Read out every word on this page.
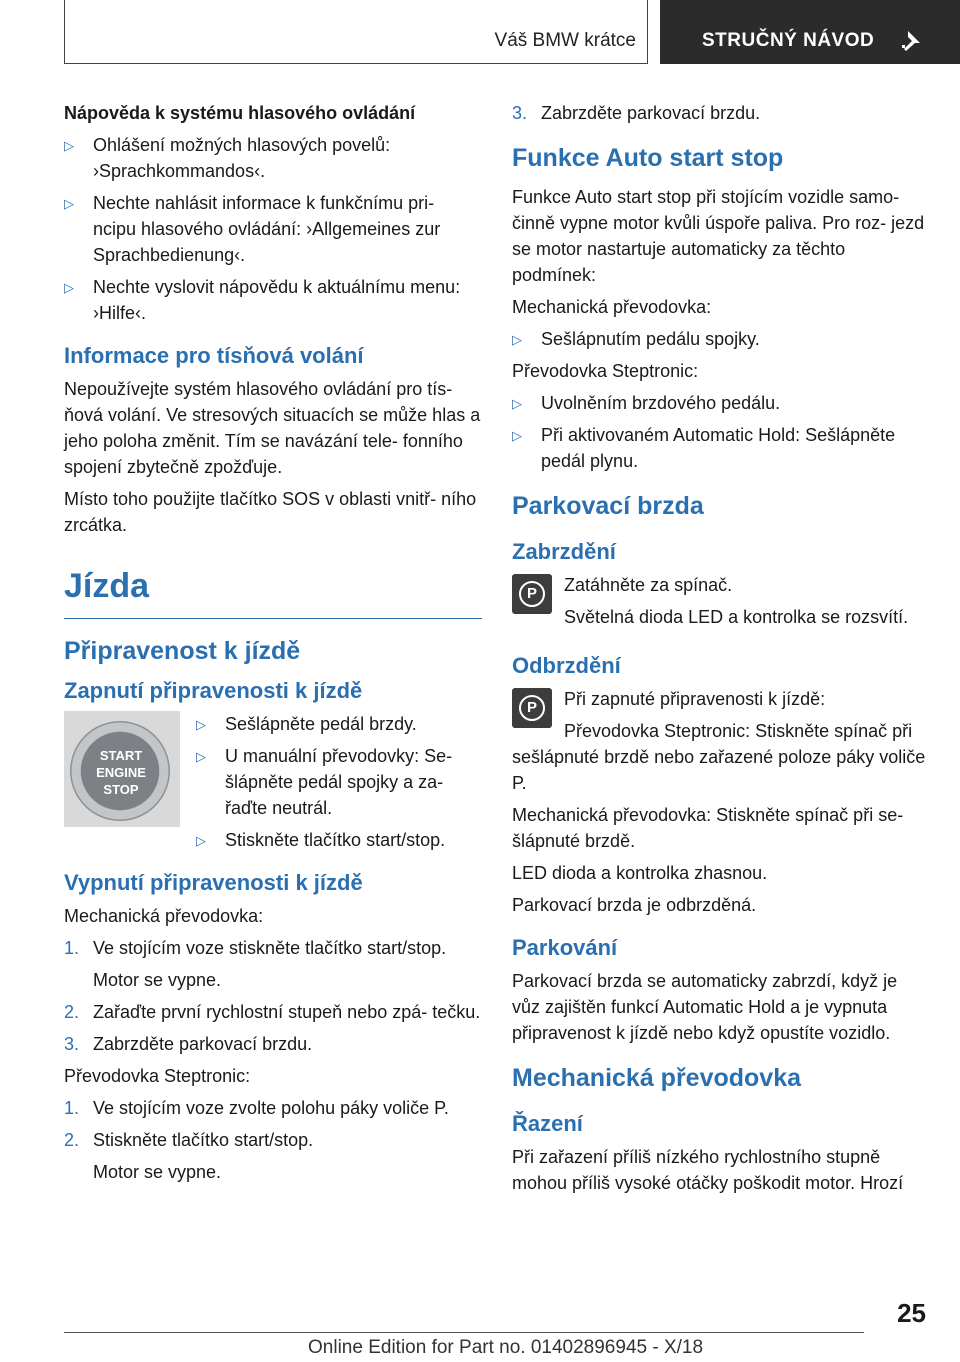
Váš BMW krátce	STRUČNÝ NÁVOD

Nápověda k systému hlasového ovládání

▷ Ohlášení možných hlasových povelů: ›Sprachkommandos‹.
▷ Nechte nahlásit informace k funkčnímu pri- ncipu hlasového ovládání: ›Allgemeines zur Sprachbedienung‹.
▷ Nechte vyslovit nápovědu k aktuálnímu menu: ›Hilfe‹.
Informace pro tísňová volání

Nepoužívejte systém hlasového ovládání pro tís- ňová volání. Ve stresových situacích se může hlas a jeho poloha změnit. Tím se navázání tele- fonního spojení zbytečně zpožďuje.

Místo toho použijte tlačítko SOS v oblasti vnitř- ního zrcátka.

Jízda
Připravenost k jízdě
Zapnutí připravenosti k jízdě
START ENGINE STOP
▷ Sešlápněte pedál brzdy.
▷ U manuální převodovky: Se- šlápněte pedál spojky a za- řaďte neutrál.
▷ Stiskněte tlačítko start/stop.
Vypnutí připravenosti k jízdě

Mechanická převodovka:

1. Ve stojícím voze stiskněte tlačítko start/stop.

Motor se vypne.

2. Zařaďte první rychlostní stupeň nebo zpá- tečku.
3. Zabrzděte parkovací brzdu.

Převodovka Steptronic:

1. Ve stojícím voze zvolte polohu páky voliče P.
2. Stiskněte tlačítko start/stop.

Motor se vypne.

3. Zabrzděte parkovací brzdu.
Funkce Auto start stop

Funkce Auto start stop při stojícím vozidle samo- činně vypne motor kvůli úspoře paliva. Pro roz- jezd se motor nastartuje automaticky za těchto podmínek:

Mechanická převodovka:

▷ Sešlápnutím pedálu spojky.

Převodovka Steptronic:

▷ Uvolněním brzdového pedálu.
▷ Při aktivovaném Automatic Hold: Sešlápněte pedál plynu.
Parkovací brzda
Zabrzdění
P	Zatáhněte za spínač.

Světelná dioda LED a kontrolka se rozsvítí.

Odbrzdění
P	Při zapnuté připravenosti k jízdě:

Převodovka Steptronic: Stiskněte spínač při sešlápnuté brzdě nebo zařazené poloze páky voliče P.

Mechanická převodovka: Stiskněte spínač při se- šlápnuté brzdě.

LED dioda a kontrolka zhasnou.

Parkovací brzda je odbrzděná.

Parkování

Parkovací brzda se automaticky zabrzdí, když je vůz zajištěn funkcí Automatic Hold a je vypnuta připravenost k jízdě nebo když opustíte vozidlo.

Mechanická převodovka
Řazení

Při zařazení příliš nízkého rychlostního stupně mohou příliš vysoké otáčky poškodit motor. Hrozí

25
Online Edition for Part no. 01402896945 - X/18
